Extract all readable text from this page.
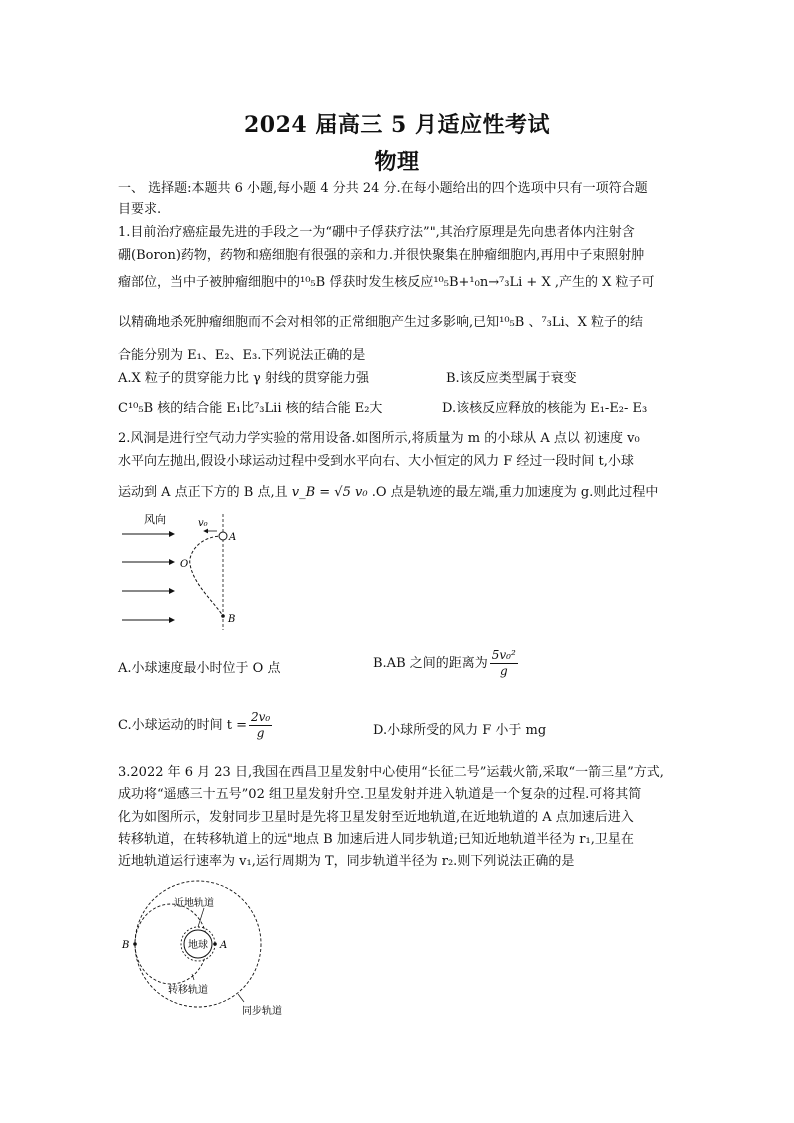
2024 届高三 5 月适应性考试
物理
一、 选择题:本题共 6 小题,每小题 4 分共 24 分.在每小题给出的四个选项中只有一项符合题
目要求.
1.目前治疗癌症最先进的手段之一为“硼中子俘获疗法”",其治疗原理是先向患者体内注射含
硼(Boron)药物，药物和癌细胞有很强的亲和力.并很快聚集在肿瘤细胞内,再用中子束照射肿
瘤部位，当中子被肿瘤细胞中的¹⁰₅B 俘获时发生核反应¹⁰₅B+¹₀n→⁷₃Li + X ,产生的 X 粒子可
以精确地杀死肿瘤细胞而不会对相邻的正常细胞产生过多影响,已知¹⁰₅B 、⁷₃Li、X 粒子的结
合能分别为 E₁、E₂、E₃.下列说法正确的是
A.X 粒子的贯穿能力比 γ 射线的贯穿能力强	B.该反应类型属于衰变
C¹⁰₅B 核的结合能 E₁比⁷₃Lii 核的结合能 E₂大	D.该核反应释放的核能为 E₁-E₂- E₃
2.风洞是进行空气动力学实验的常用设备.如图所示,将质量为 m 的小球从 A 点以 初速度 v₀
水平向左抛出,假设小球运动过程中受到水平向右、大小恒定的风力 F 经过一段时间 t,小球
运动到 A 点正下方的 B 点,且 v_B = √5 v₀ .O 点是轨迹的最左端,重力加速度为 g.则此过程中
风向	v₀
A
O
B
A.小球速度最小时位于 O 点	B.AB 之间的距离为 $\frac{\text{5v₀²}}{g}$
C.小球运动的时间 $t = \frac{\text{2v₀}}{g}$	D.小球所受的风力 F 小于 mg
3.2022 年 6 月 23 日,我国在西昌卫星发射中心使用“长征二号”运载火箭,采取“一箭三星”方式,
成功将“遥感三十五号”02 组卫星发射升空.卫星发射并进入轨道是一个复杂的过程.可将其简
化为如图所示，发射同步卫星时是先将卫星发射至近地轨道,在近地轨道的 A 点加速后进入
转移轨道，在转移轨道上的远"地点 B 加速后进人同步轨道;已知近地轨道半径为 r₁,卫星在
近地轨道运行速率为 v₁,运行周期为 T，同步轨道半径为 r₂.则下列说法正确的是
地球
近地轨道
B	A
转移轨道
同步轨道
